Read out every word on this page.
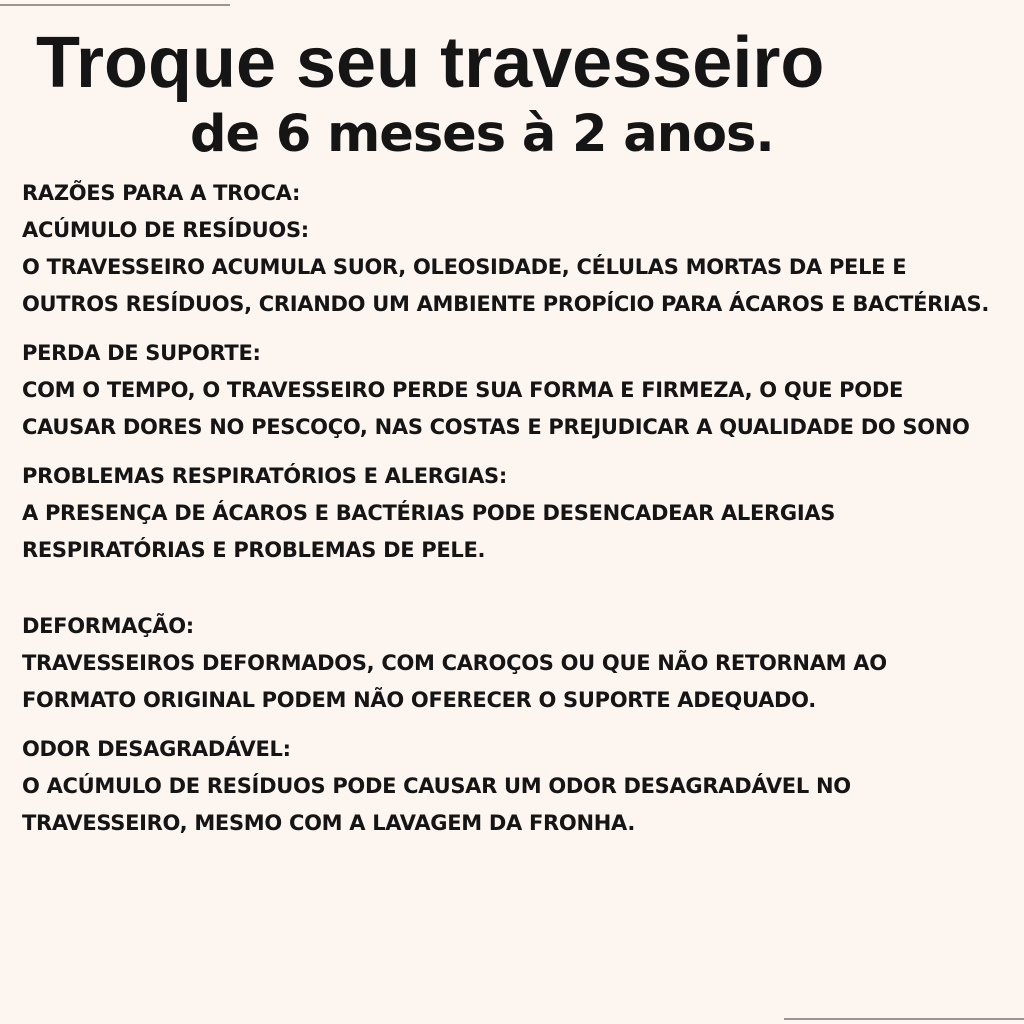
Troque seu travesseiro
de 6 meses à 2 anos.

RAZÕES PARA A TROCA:

ACÚMULO DE RESÍDUOS:

O TRAVESSEIRO ACUMULA SUOR, OLEOSIDADE, CÉLULAS MORTAS DA PELE E OUTROS RESÍDUOS, CRIANDO UM AMBIENTE PROPÍCIO PARA ÁCAROS E BACTÉRIAS.

PERDA DE SUPORTE:

COM O TEMPO, O TRAVESSEIRO PERDE SUA FORMA E FIRMEZA, O QUE PODE CAUSAR DORES NO PESCOÇO, NAS COSTAS E PREJUDICAR A QUALIDADE DO SONO

PROBLEMAS RESPIRATÓRIOS E ALERGIAS:

A PRESENÇA DE ÁCAROS E BACTÉRIAS PODE DESENCADEAR ALERGIAS RESPIRATÓRIAS E PROBLEMAS DE PELE.

DEFORMAÇÃO:

TRAVESSEIROS DEFORMADOS, COM CAROÇOS OU QUE NÃO RETORNAM AO FORMATO ORIGINAL PODEM NÃO OFERECER O SUPORTE ADEQUADO.

ODOR DESAGRADÁVEL:

O ACÚMULO DE RESÍDUOS PODE CAUSAR UM ODOR DESAGRADÁVEL NO TRAVESSEIRO, MESMO COM A LAVAGEM DA FRONHA.
